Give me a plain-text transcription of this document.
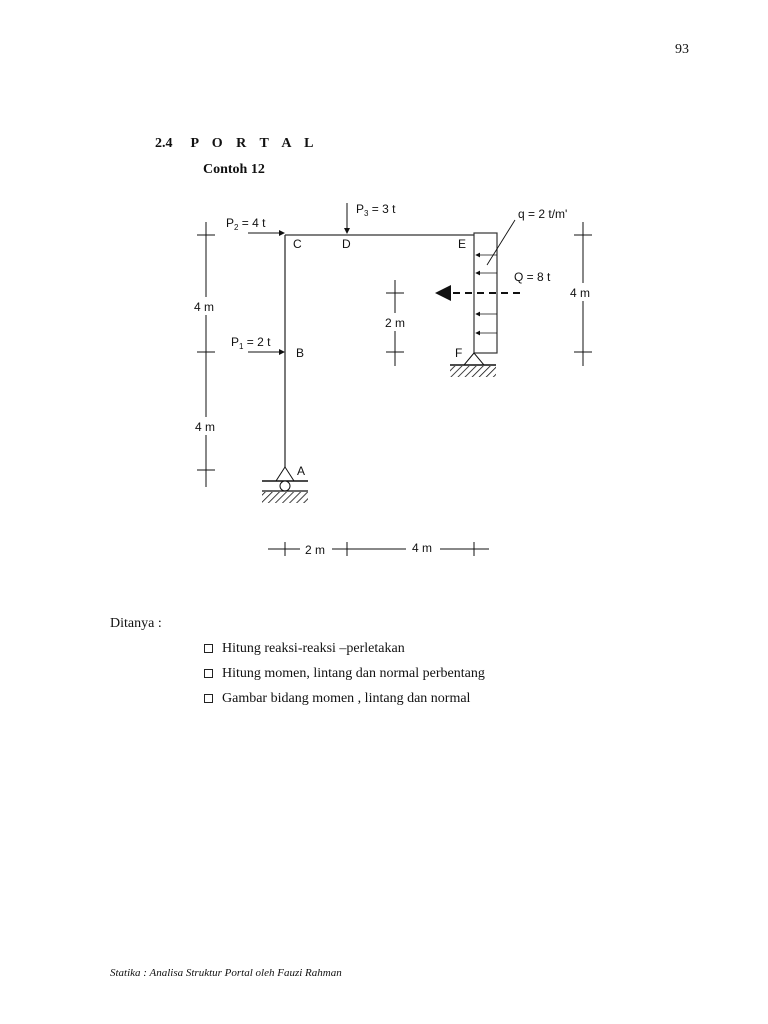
93
2.4 P O R T A L
Contoh 12
$P_1 = 2$ t
$P_2 = 4$ t
$P_3 = 3$ t	q = 2 t/m'
Q = 8 t
A
B
C	D	E
F
4 m
4 m
2 m
4 m
2 m	4 m
Ditanya :
Hitung reaksi-reaksi –perletakan
Hitung momen, lintang dan normal perbentang
Gambar bidang momen , lintang dan normal
Statika : Analisa Struktur Portal oleh Fauzi Rahman
